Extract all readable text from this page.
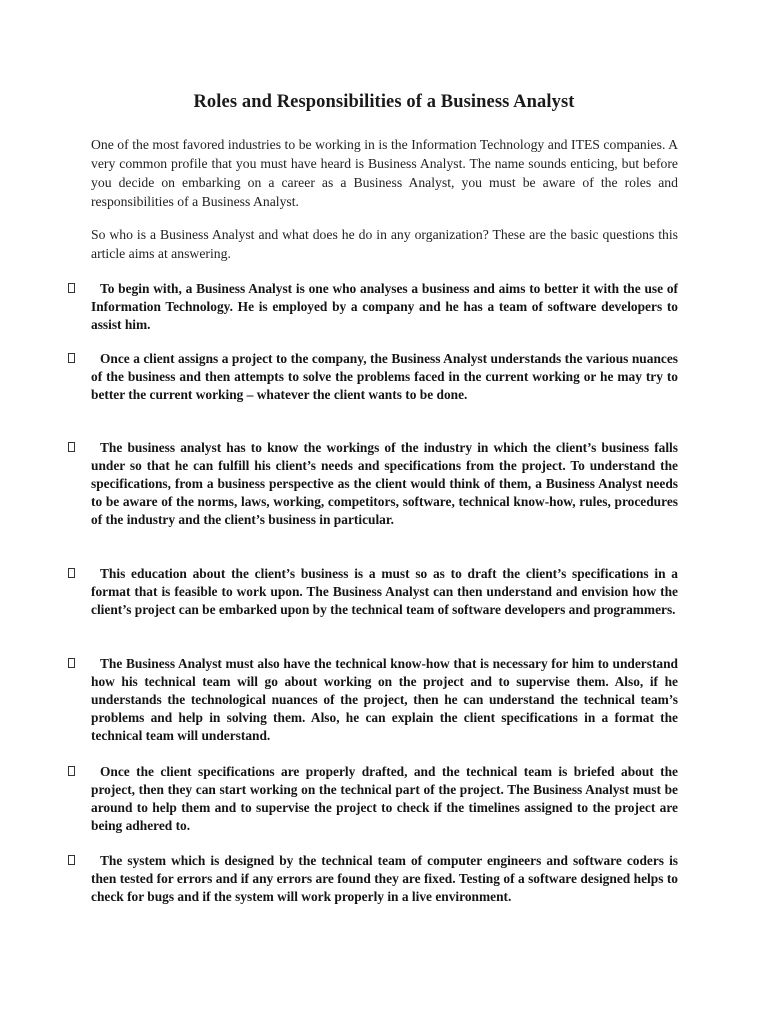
Roles and Responsibilities of a Business Analyst

One of the most favored industries to be working in is the Information Technology and ITES companies. A very common profile that you must have heard is Business Analyst. The name sounds enticing, but before you decide on embarking on a career as a Business Analyst, you must be aware of the roles and responsibilities of a Business Analyst.

So who is a Business Analyst and what does he do in any organization? These are the basic questions this article aims at answering.

To begin with, a Business Analyst is one who analyses a business and aims to better it with the use of Information Technology. He is employed by a company and he has a team of software developers to assist him.

Once a client assigns a project to the company, the Business Analyst understands the various nuances of the business and then attempts to solve the problems faced in the current working or he may try to better the current working – whatever the client wants to be done.

The business analyst has to know the workings of the industry in which the client’s business falls under so that he can fulfill his client’s needs and specifications from the project. To understand the specifications, from a business perspective as the client would think of them, a Business Analyst needs to be aware of the norms, laws, working, competitors, software, technical know-how, rules, procedures of the industry and the client’s business in particular.

This education about the client’s business is a must so as to draft the client’s specifications in a format that is feasible to work upon. The Business Analyst can then understand and envision how the client’s project can be embarked upon by the technical team of software developers and programmers.

The Business Analyst must also have the technical know-how that is necessary for him to understand how his technical team will go about working on the project and to supervise them. Also, if he understands the technological nuances of the project, then he can understand the technical team’s problems and help in solving them. Also, he can explain the client specifications in a format the technical team will understand.

Once the client specifications are properly drafted, and the technical team is briefed about the project, then they can start working on the technical part of the project. The Business Analyst must be around to help them and to supervise the project to check if the timelines assigned to the project are being adhered to.

The system which is designed by the technical team of computer engineers and software coders is then tested for errors and if any errors are found they are fixed. Testing of a software designed helps to check for bugs and if the system will work properly in a live environment.
